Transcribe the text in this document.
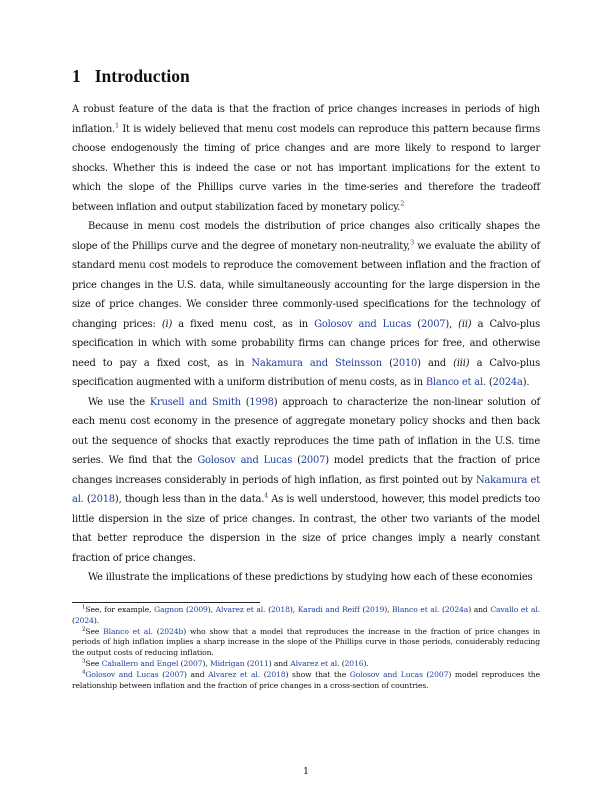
1 Introduction

A robust feature of the data is that the fraction of price changes increases in periods of high inflation.$^1$ It is widely believed that menu cost models can reproduce this pattern because firms choose endogenously the timing of price changes and are more likely to respond to larger shocks. Whether this is indeed the case or not has important implications for the extent to which the slope of the Phillips curve varies in the time-series and therefore the tradeoff between inflation and output stabilization faced by monetary policy.$^2$

Because in menu cost models the distribution of price changes also critically shapes the slope of the Phillips curve and the degree of monetary non-neutrality,$^3$ we evaluate the ability of standard menu cost models to reproduce the comovement between inflation and the fraction of price changes in the U.S. data, while simultaneously accounting for the large dispersion in the size of price changes. We consider three commonly-used specifications for the technology of changing prices: (i) a fixed menu cost, as in Golosov and Lucas (2007), (ii) a Calvo-plus specification in which with some probability firms can change prices for free, and otherwise need to pay a fixed cost, as in Nakamura and Steinsson (2010) and (iii) a Calvo-plus specification augmented with a uniform distribution of menu costs, as in Blanco et al. (2024a).

We use the Krusell and Smith (1998) approach to characterize the non-linear solution of each menu cost economy in the presence of aggregate monetary policy shocks and then back out the sequence of shocks that exactly reproduces the time path of inflation in the U.S. time series. We find that the Golosov and Lucas (2007) model predicts that the fraction of price changes increases considerably in periods of high inflation, as first pointed out by Nakamura et al. (2018), though less than in the data.$^4$ As is well understood, however, this model predicts too little dispersion in the size of price changes. In contrast, the other two variants of the model that better reproduce the dispersion in the size of price changes imply a nearly constant fraction of price changes.

We illustrate the implications of these predictions by studying how each of these economies

$^1$See, for example, Gagnon (2009), Alvarez et al. (2018), Karadi and Reiff (2019), Blanco et al. (2024a) and Cavallo et al. (2024).

$^2$See Blanco et al. (2024b) who show that a model that reproduces the increase in the fraction of price changes in periods of high inflation implies a sharp increase in the slope of the Phillips curve in those periods, considerably reducing the output costs of reducing inflation.

$^3$See Caballero and Engel (2007), Midrigan (2011) and Alvarez et al. (2016).

$^4$Golosov and Lucas (2007) and Alvarez et al. (2018) show that the Golosov and Lucas (2007) model reproduces the relationship between inflation and the fraction of price changes in a cross-section of countries.

1
